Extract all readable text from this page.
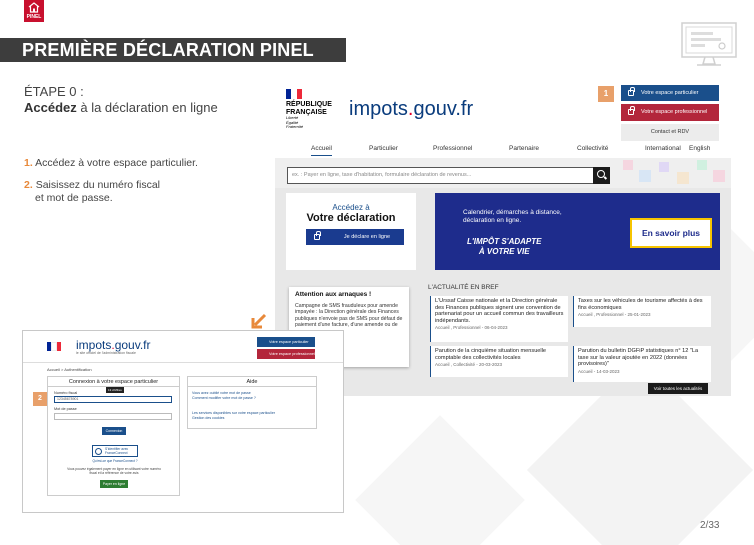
PINEL
PREMIÈRE DÉCLARATION PINEL
ÉTAPE 0 :
Accédez à la déclaration en ligne
1. Accédez à votre espace particulier.
2. Saisissez du numéro fiscal
et mot de passe.
RÉPUBLIQUE
FRANÇAISE
Liberté
Égalité
Fraternité
impots.gouv.fr
1	Votre espace particulier
Votre espace professionnel
Contact et RDV
Accueil	Particulier	Professionnel	Partenaire	Collectivité	International English
ex. : Payer en ligne, taxe d'habitation, formulaire déclaration de revenus...
Accédez à
Votre déclaration
Je déclare en ligne
Calendrier, démarches à distance,
déclaration en ligne.
L'IMPÔT S'ADAPTE
À VOTRE VIE
En savoir plus
Attention aux arnaques !
Campagne de SMS frauduleux pour amende impayée : la Direction générale des Finances publiques n'envoie pas de SMS pour défaut de paiement d'une facture, d'une amende ou de
L'ACTUALITÉ EN BREF
L'Urssaf Caisse nationale et la Direction générale des Finances publiques signent une convention de partenariat pour un accueil commun des travailleurs indépendants.
Accueil , Professionnel - 06-04-2023
Taxes sur les véhicules de tourisme affectés à des fins économiques
Accueil , Professionnel - 25-01-2023
Parution de la cinquième situation mensuelle comptable des collectivités locales
Accueil , Collectivité - 20-03-2023
Parution du bulletin DGFiP statistiques n° 12 "La taxe sur la valeur ajoutée en 2022 (données provisoires)"
Accueil - 14-03-2023
Voir toutes les actualités
impots.gouv.fr
le site officiel de l'administration fiscale
Votre espace particulier
Votre espace professionnel
Accueil > Authentification
Connexion à votre espace particulier
Numéro fiscal
12345678901
13 chiffres
Mot de passe
Connexion
S'identifier avec FranceConnect
Qu'est-ce que FranceConnect ?
Vous pouvez également payer en ligne en utilisant votre numéro fiscal et la référence de votre avis
Payer en ligne
2
Aide
Vous avez oublié votre mot de passe
Comment modifier votre mot de passe ?
Les services disponibles sur votre espace particulier
Gestion des cookies
2/33
